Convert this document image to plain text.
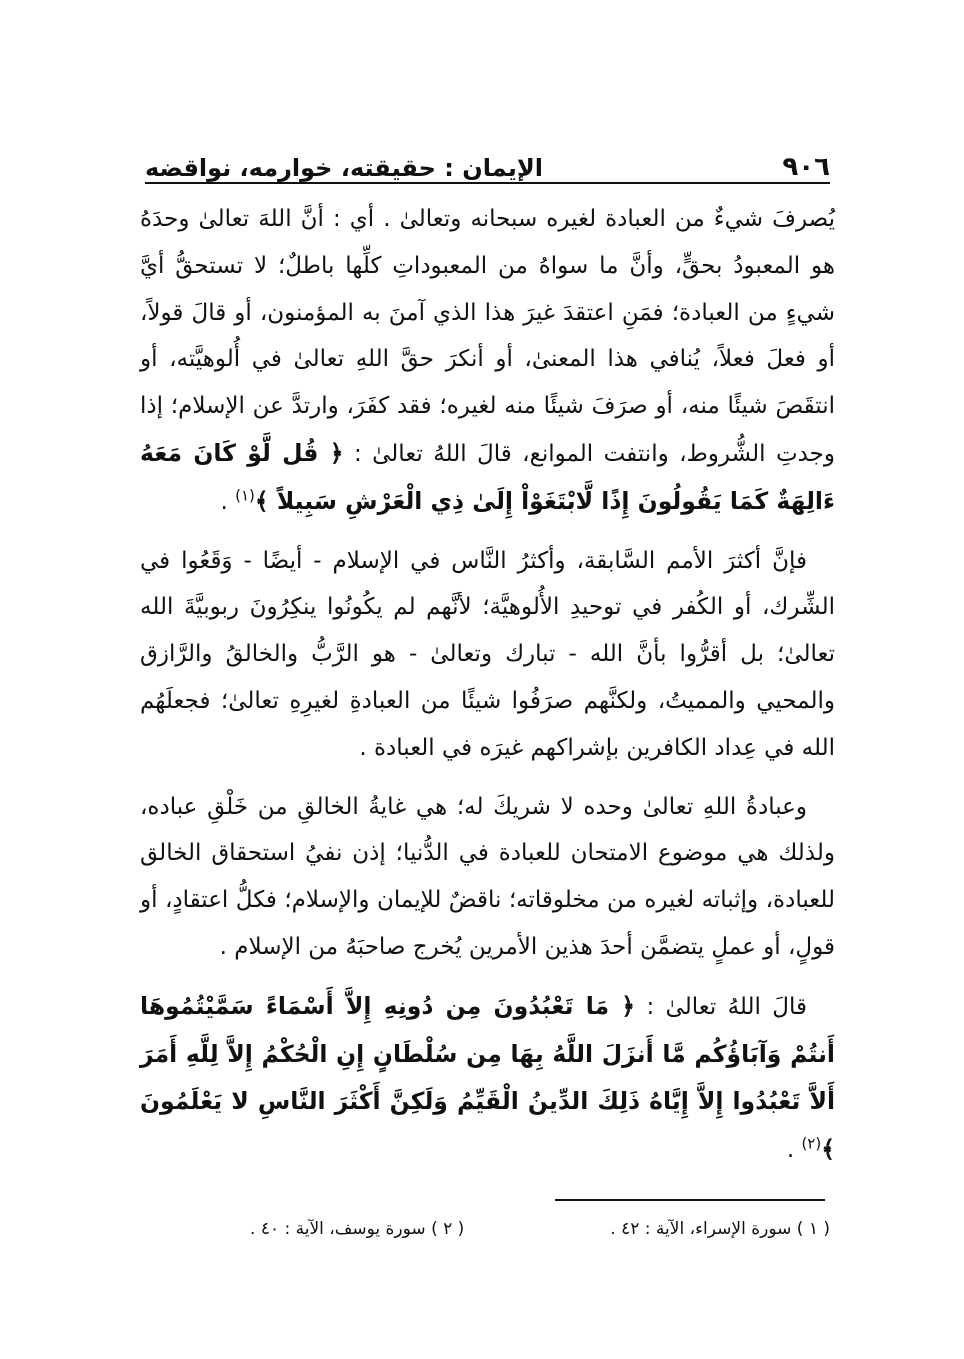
٩٠٦
الإيمان : حقيقته، خوارمه، نواقضه

يُصرفَ شيءٌ من العبادة لغيره سبحانه وتعالىٰ . أي : أنَّ اللهَ تعالىٰ وحدَهُ هو المعبودُ بحقٍّ، وأنَّ ما سواهُ من المعبوداتِ كلِّها باطلٌ؛ لا تستحقُّ أيَّ شيءٍ من العبادة؛ فمَنِ اعتقدَ غيرَ هذا الذي آمنَ به المؤمنون، أو قالَ قولاً، أو فعلَ فعلاً، يُنافي هذا المعنىٰ، أو أنكرَ حقَّ اللهِ تعالىٰ في أُلوهيَّته، أو انتقَصَ شيئًا منه، أو صرَفَ شيئًا منه لغيره؛ فقد كفَرَ، وارتدَّ عن الإسلام؛ إذا وجدتِ الشُّروط، وانتفت الموانع، قالَ اللهُ تعالىٰ : ﴿ قُل لَّوْ كَانَ مَعَهُ ءَالِهَةٌ كَمَا يَقُولُونَ إِذًا لَّابْتَغَوْاْ إِلَىٰ ذِي الْعَرْشِ سَبِيلاً ﴾$^{(١)}$ .

فإنَّ أكثرَ الأمم السَّابقة، وأكثرُ النَّاس في الإسلام - أيضًا - وَقَعُوا في الشِّرك، أو الكُفر في توحيدِ الأُلوهيَّة؛ لأنَّهم لم يكُونُوا ينكِرُونَ ربوبيَّةَ الله تعالىٰ؛ بل أقرُّوا بأنَّ الله - تبارك وتعالىٰ - هو الرَّبُّ والخالقُ والرَّازق والمحيي والمميتُ، ولكنَّهم صرَفُوا شيئًا من العبادةِ لغيرِهِ تعالىٰ؛ فجعلَهُم الله في عِداد الكافرين بإشراكهم غيرَه في العبادة .

وعبادةُ اللهِ تعالىٰ وحده لا شريكَ له؛ هي غايةُ الخالقِ من خَلْقِ عباده، ولذلك هي موضوع الامتحان للعبادة في الدُّنيا؛ إذن نفيُ استحقاق الخالق للعبادة، وإثباته لغيره من مخلوقاته؛ ناقضٌ للإيمان والإسلام؛ فكلُّ اعتقادٍ، أو قولٍ، أو عملٍ يتضمَّن أحدَ هذين الأمرين يُخرج صاحبَهُ من الإسلام .

قالَ اللهُ تعالىٰ : ﴿ مَا تَعْبُدُونَ مِن دُونِهِ إِلاَّ أَسْمَاءً سَمَّيْتُمُوهَا أَنتُمْ وَآبَاؤُكُم مَّا أَنزَلَ اللَّهُ بِهَا مِن سُلْطَانٍ إِنِ الْحُكْمُ إِلاَّ لِلَّهِ أَمَرَ أَلاَّ تَعْبُدُوا إِلاَّ إِيَّاهُ ذَلِكَ الدِّينُ الْقَيِّمُ وَلَكِنَّ أَكْثَرَ النَّاسِ لا يَعْلَمُونَ ﴾$^{(٢)}$ .

( ١ ) سورة الإسراء، الآية : ٤٢ .
( ٢ ) سورة يوسف، الآية : ٤٠ .
